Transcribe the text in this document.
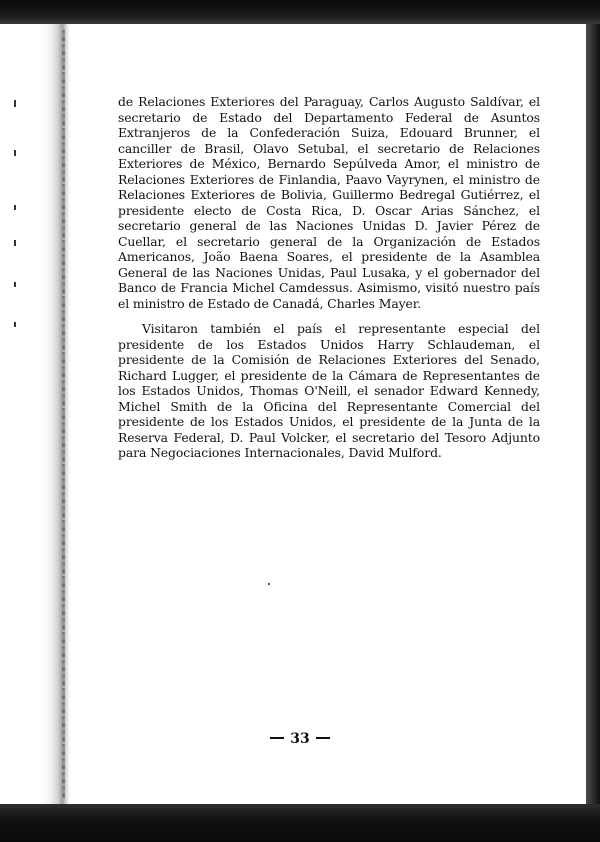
de Relaciones Exteriores del Paraguay, Carlos Augusto Saldívar, el secretario de Estado del Departamento Federal de Asuntos Extranjeros de la Confederación Suiza, Edouard Brunner, el canciller de Brasil, Olavo Setubal, el secretario de Relaciones Exteriores de México, Bernardo Sepúlveda Amor, el ministro de Relaciones Exteriores de Finlandia, Paavo Vayrynen, el ministro de Relaciones Exteriores de Bolivia, Guillermo Bedregal Gutiérrez, el presidente electo de Costa Rica, D. Oscar Arias Sánchez, el secretario general de las Naciones Unidas D. Javier Pérez de Cuellar, el secretario general de la Organización de Estados Americanos, João Baena Soares, el presidente de la Asamblea General de las Naciones Unidas, Paul Lusaka, y el gobernador del Banco de Francia Michel Camdessus. Asimismo, visitó nuestro país el ministro de Estado de Canadá, Charles Mayer.

Visitaron también el país el representante especial del presidente de los Estados Unidos Harry Schlaudeman, el presidente de la Comisión de Relaciones Exteriores del Senado, Richard Lugger, el presidente de la Cámara de Representantes de los Estados Unidos, Thomas O'Neill, el senador Edward Kennedy, Michel Smith de la Oficina del Representante Comercial del presidente de los Estados Unidos, el presidente de la Junta de la Reserva Federal, D. Paul Volcker, el secretario del Tesoro Adjunto para Negociaciones Internacionales, David Mulford.

33
